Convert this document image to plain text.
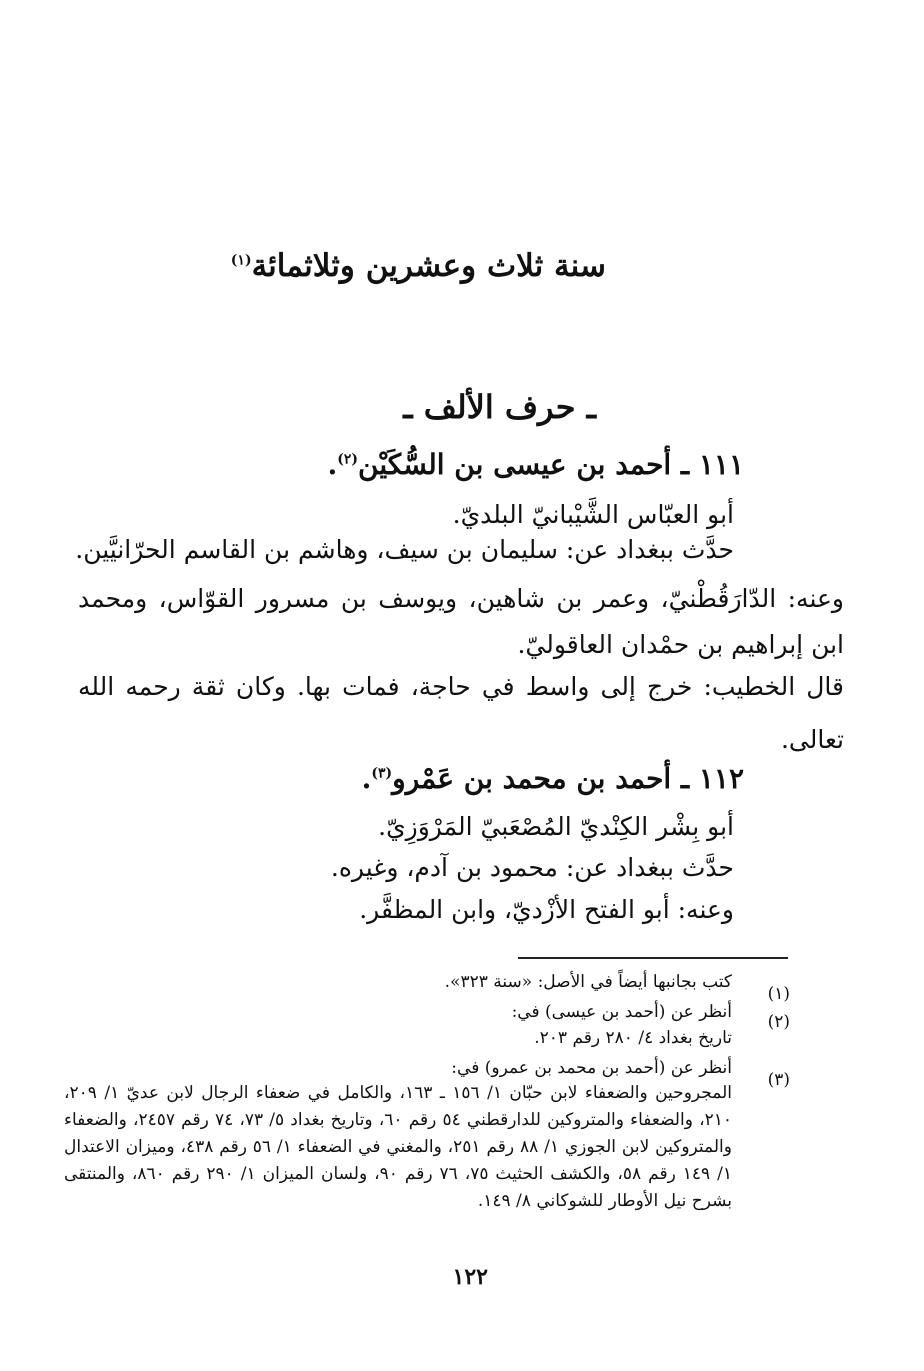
سنة ثلاث وعشرين وثلاثمائة$^{(١)}$
ـ حرف الألف ـ
١١١ ـ أحمد بن عيسى بن السُّكَيْن$^{(٢)}$.
أبو العبّاس الشَّيْبانيّ البلديّ.
حدَّث ببغداد عن: سليمان بن سيف، وهاشم بن القاسم الحرّانيَّين.
وعنه: الدّارَقُطْنيّ، وعمر بن شاهين، ويوسف بن مسرور القوّاس، ومحمد
ابن إبراهيم بن حمْدان العاقوليّ.
قال الخطيب: خرج إلى واسط في حاجة، فمات بها. وكان ثقة رحمه الله
تعالى.
١١٢ ـ أحمد بن محمد بن عَمْرو$^{(٣)}$.
أبو بِشْر الكِنْديّ المُصْعَبيّ المَرْوَزِيّ.
حدَّث ببغداد عن: محمود بن آدم، وغيره.
وعنه: أبو الفتح الأزْديّ، وابن المظفَّر.
(١)
كتب بجانبها أيضاً في الأصل: «سنة ٣٢٣».
(٢)
أنظر عن (أحمد بن عيسى) في:
تاريخ بغداد ٤/ ٢٨٠ رقم ٢٠٣.
(٣)
أنظر عن (أحمد بن محمد بن عمرو) في:
المجروحين والضعفاء لابن حبّان ١/ ١٥٦ ـ ١٦٣، والكامل في ضعفاء الرجال لابن عديّ ١/ ٢٠٩، ٢١٠، والضعفاء والمتروكين للدارقطني ٥٤ رقم ٦٠، وتاريخ بغداد ٥/ ٧٣، ٧٤ رقم ٢٤٥٧، والضعفاء والمتروكين لابن الجوزي ١/ ٨٨ رقم ٢٥١، والمغني في الضعفاء ١/ ٥٦ رقم ٤٣٨، وميزان الاعتدال ١/ ١٤٩ رقم ٥٨، والكشف الحثيث ٧٥، ٧٦ رقم ٩٠، ولسان الميزان ١/ ٢٩٠ رقم ٨٦٠، والمنتقى بشرح نيل الأوطار للشوكاني ٨/ ١٤٩.
١٢٢
